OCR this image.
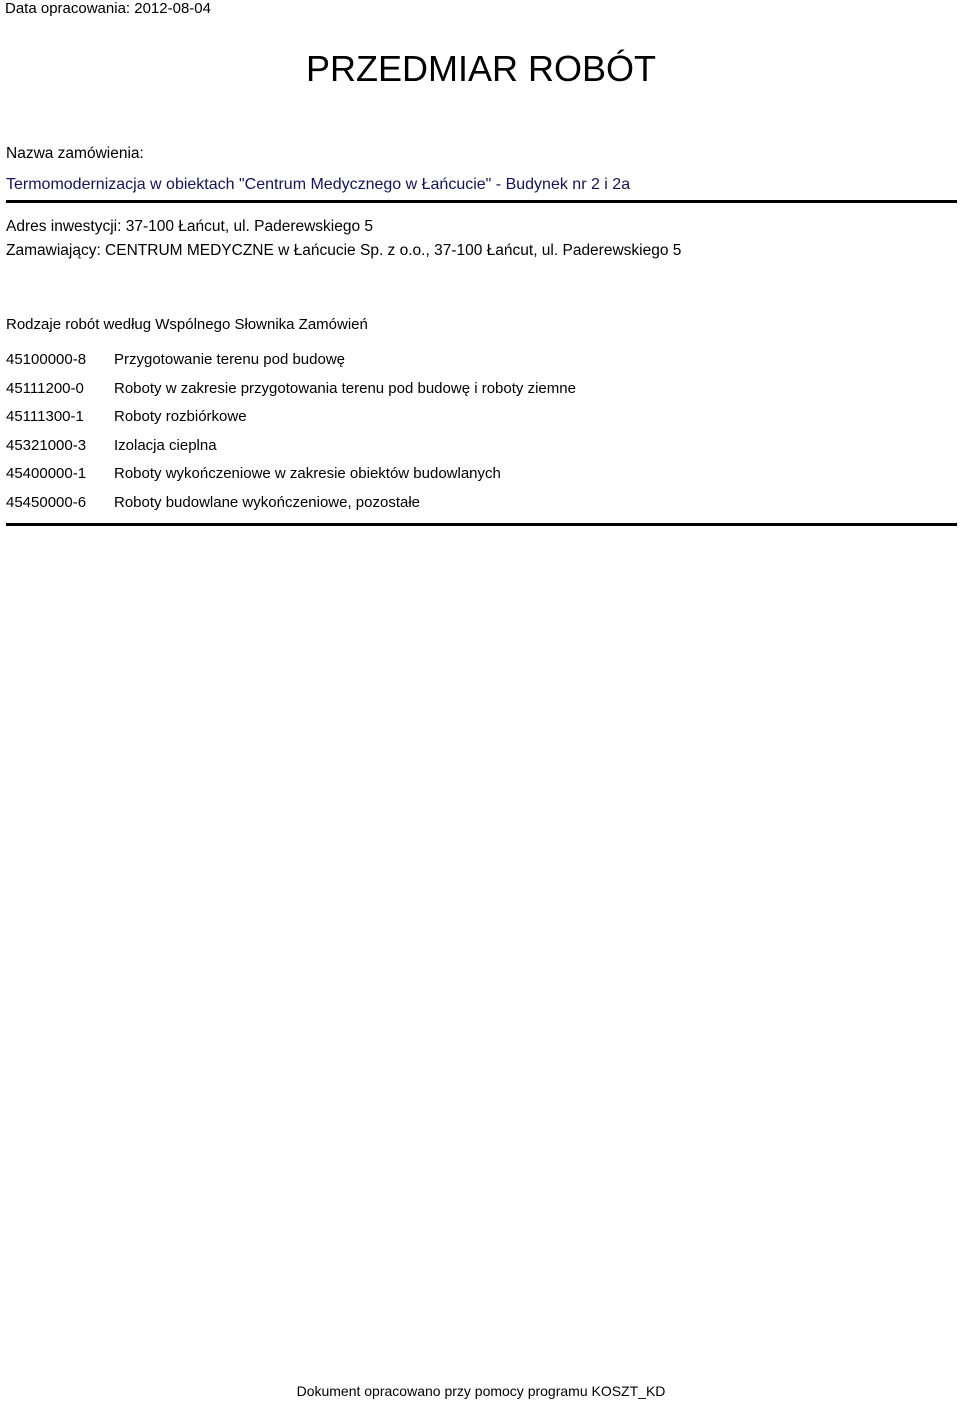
Data opracowania: 2012-08-04
PRZEDMIAR ROBÓT
Nazwa zamówienia:
Termomodernizacja w obiektach "Centrum Medycznego w Łańcucie" - Budynek nr 2 i 2a
Adres inwestycji: 37-100 Łańcut, ul. Paderewskiego 5
Zamawiający: CENTRUM MEDYCZNE w Łańcucie Sp. z o.o., 37-100 Łańcut, ul. Paderewskiego 5
Rodzaje robót według Wspólnego Słownika Zamówień
45100000-8	Przygotowanie terenu pod budowę
45111200-0	Roboty w zakresie przygotowania terenu pod budowę i roboty ziemne
45111300-1	Roboty rozbiórkowe
45321000-3	Izolacja cieplna
45400000-1	Roboty wykończeniowe w zakresie obiektów budowlanych
45450000-6	Roboty budowlane wykończeniowe, pozostałe
Dokument opracowano przy pomocy programu KOSZT_KD
